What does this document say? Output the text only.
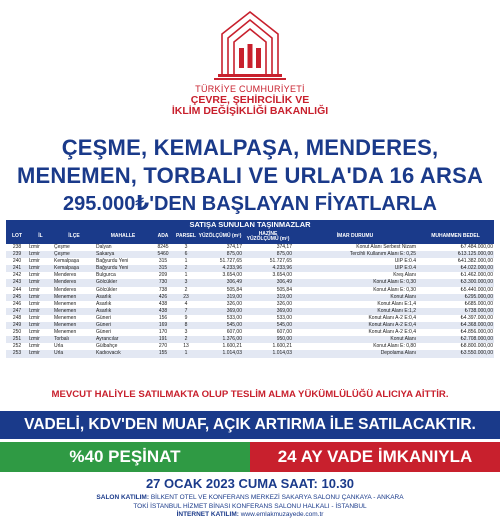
TÜRKİYE CUMHURİYETİ
ÇEVRE, ŞEHİRCİLİK VE
İKLİM DEĞİŞİKLİĞİ BAKANLIĞI
ÇEŞME, KEMALPAŞA, MENDERES,
MENEMEN, TORBALI VE URLA'DA 16 ARSA
295.000₺'DEN BAŞLAYAN FİYATLARLA
SATIŞA SUNULAN TAŞINMAZLAR
LOT	İL	İLÇE	MAHALLE	ADA	PARSEL	YÜZÖLÇÜMÜ (m²)	HAZİNE YÜZÖLÇÜMÜ (m²)	İMAR DURUMU	MUHAMMEN BEDEL
238	İzmir	Çeşme	Dalyan	8245	3	374,17	374,17	Konut Alanı Serbest Nizam	₺7.484.000,00
239	İzmir	Çeşme	Sakarya	5460	6	875,00	875,00	Tercihli Kullanım Alanı E: 0,25	₺13.125.000,00
240	İzmir	Kemalpaşa	Bağyurdu Yeni	315	1	51.727,65	51.727,65	UİP E:0.4	₺41.382.000,00
241	İzmir	Kemalpaşa	Bağyurdu Yeni	315	2	4.233,96	4.233,96	UİP E:0.4	₺4.022.000,00
242	İzmir	Menderes	Bulgurca	209	1	3.654,00	3.654,00	Kreş Alanı	₺1.462.000,00
243	İzmir	Menderes	Gölcükler	730	3	306,49	306,49	Konut Alanı E: 0,30	₺3.300.000,00
244	İzmir	Menderes	Gölcükler	738	2	505,84	505,84	Konut Alanı E: 0,30	₺5.440.000,00
245	İzmir	Menemen	Asarlık	426	23	319,00	319,00	Konut Alanı	₺295.000,00
246	İzmir	Menemen	Asarlık	438	4	326,00	326,00	Konut Alanı E:1,4	₺685.000,00
247	İzmir	Menemen	Asarlık	438	7	369,00	369,00	Konut Alanı E:1,2	₺738.000,00
248	İzmir	Menemen	Güneri	156	9	533,00	533,00	Konut Alanı A-2 E:0,4	₺4.397.000,00
249	İzmir	Menemen	Güneri	169	8	545,00	545,00	Konut Alanı A-2 E:0,4	₺4.368.000,00
250	İzmir	Menemen	Güneri	170	3	607,00	607,00	Konut Alanı A-2 E:0,4	₺4.856.000,00
251	İzmir	Torbalı	Ayrancılar	191	2	1.376,00	950,00	Konut Alanı	₺2.708.000,00
252	İzmir	Urla	Gülbahçe	270	13	1.600,21	1.600,21	Konut Alanı E: 0,80	₺8.800.000,00
253	İzmir	Urla	Kadıovacık	155	1	1.014,03	1.014,03	Depolama Alanı	₺3.550.000,00
MEVCUT HALİYLE SATILMAKTA OLUP TESLİM ALMA YÜKÜMLÜLÜĞÜ ALICIYA AİTTİR.
VADELİ, KDV'DEN MUAF, AÇIK ARTIRMA İLE SATILACAKTIR.
%40 PEŞİNAT	24 AY VADE İMKANIYLA
27 OCAK 2023 CUMA SAAT: 10.30
SALON KATILIM: BİLKENT OTEL VE KONFERANS MERKEZİ SAKARYA SALONU ÇANKAYA - ANKARA
TOKİ İSTANBUL HİZMET BİNASI KONFERANS SALONU HALKALI - İSTANBUL
İNTERNET KATILIM: www.emlakmuzayede.com.tr
